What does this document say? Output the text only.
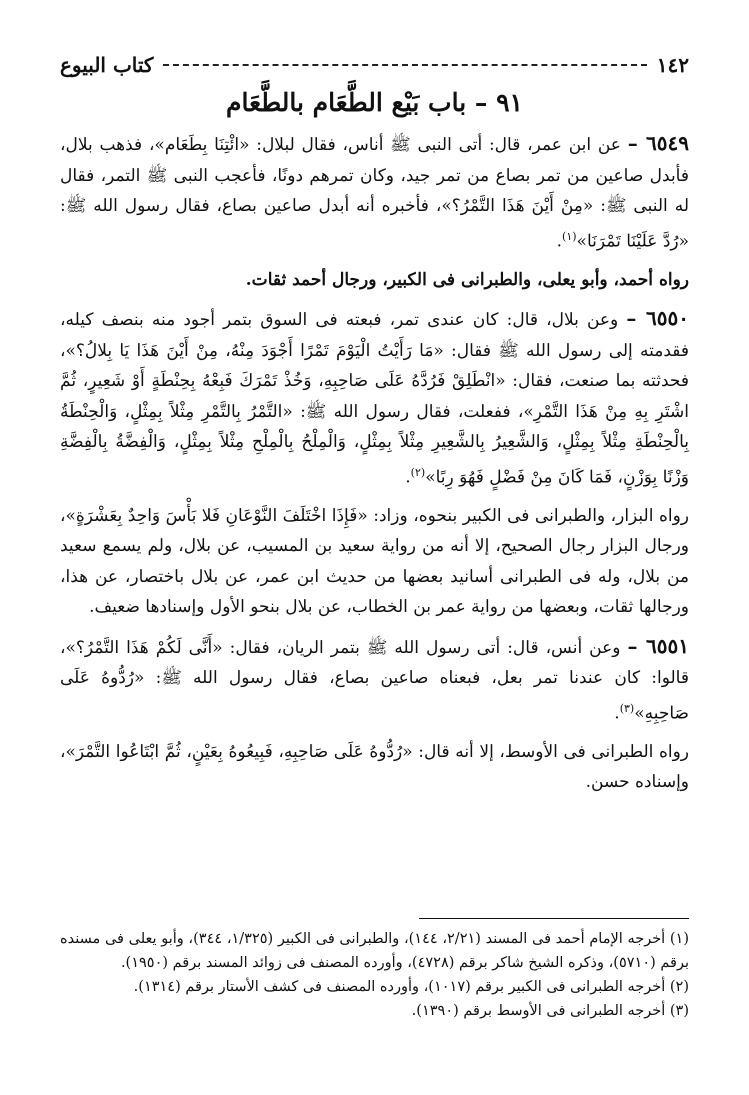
١٤٢
كتاب البيوع
٩١ – باب بَيْع الطَّعَام بالطَّعَام

٦٥٤٩ – عن ابن عمر، قال: أتى النبى ﷺ أناس، فقال لبلال: «ائْتِنَا بِطَعَام»، فذهب بلال، فأبدل صاعين من تمر بصاع من تمر جيد، وكان تمرهم دونًا، فأعجب النبى ﷺ التمر، فقال له النبى ﷺ: «مِنْ أَيْنَ هَذَا التَّمْرُ؟»، فأخبره أنه أبدل صاعين بصاع، فقال رسول الله ﷺ: «رُدَّ عَلَيْنَا تَمْرَنَا»$^{(١)}$.

رواه أحمد، وأبو يعلى، والطبرانى فى الكبير، ورجال أحمد ثقات.

٦٥٥٠ – وعن بلال، قال: كان عندى تمر، فبعته فى السوق بتمر أجود منه بنصف كيله، فقدمته إلى رسول الله ﷺ فقال: «مَا رَأَيْتُ الْيَوْمَ تَمْرًا أَجْوَدَ مِنْهُ، مِنْ أَيْنَ هَذَا يَا بِلالُ؟»، فحدثته بما صنعت، فقال: «انْطَلِقْ فَرُدَّهُ عَلَى صَاحِبِهِ، وَخُذْ تَمْرَكَ فَبِعْهُ بِحِنْطَةٍ أَوْ شَعِيرٍ، ثُمَّ اشْتَرِ بِهِ مِنْ هَذَا التَّمْرِ»، ففعلت، فقال رسول الله ﷺ: «التَّمْرُ بِالتَّمْرِ مِثْلاً بِمِثْلٍ، وَالْحِنْطَةُ بِالْحِنْطَةِ مِثْلاً بِمِثْلٍ، وَالشَّعِيرُ بِالشَّعِيرِ مِثْلاً بِمِثْلٍ، وَالْمِلْحُ بِالْمِلْحِ مِثْلاً بِمِثْلٍ، وَالْفِضَّةُ بِالْفِضَّةِ وَزْنًا بِوَزْنٍ، فَمَا كَانَ مِنْ فَضْلٍ فَهُوَ رِبًا»$^{(٢)}$.

رواه البزار، والطبرانى فى الكبير بنحوه، وزاد: «فَإِذَا اخْتَلَفَ النَّوْعَانِ فَلا بَأْسَ وَاحِدٌ بِعَشْرَةٍ»، ورجال البزار رجال الصحيح، إلا أنه من رواية سعيد بن المسيب، عن بلال، ولم يسمع سعيد من بلال، وله فى الطبرانى أسانيد بعضها من حديث ابن عمر، عن بلال باختصار، عن هذا، ورجالها ثقات، وبعضها من رواية عمر بن الخطاب، عن بلال بنحو الأول وإسنادها ضعيف.

٦٥٥١ – وعن أنس، قال: أتى رسول الله ﷺ بتمر الريان، فقال: «أَنَّى لَكُمْ هَذَا التَّمْرُ؟»، قالوا: كان عندنا تمر بعل، فبعناه صاعين بصاع، فقال رسول الله ﷺ: «رُدُّوهُ عَلَى صَاحِبِهِ»$^{(٣)}$.

رواه الطبرانى فى الأوسط، إلا أنه قال: «رُدُّوهُ عَلَى صَاحِبِهِ، فَبِيعُوهُ بِعَيْنٍ، ثُمَّ ابْتَاعُوا التَّمْرَ»، وإسناده حسن.

(١) أخرجه الإمام أحمد فى المسند (٢/٢١، ١٤٤)، والطبرانى فى الكبير (١/٣٢٥، ٣٤٤)، وأبو يعلى فى مسنده برقم (٥٧١٠)، وذكره الشيخ شاكر برقم (٤٧٢٨)، وأورده المصنف فى زوائد المسند برقم (١٩٥٠).
(٢) أخرجه الطبرانى فى الكبير برقم (١٠١٧)، وأورده المصنف فى كشف الأستار برقم (١٣١٤).
(٣) أخرجه الطبرانى فى الأوسط برقم (١٣٩٠).
